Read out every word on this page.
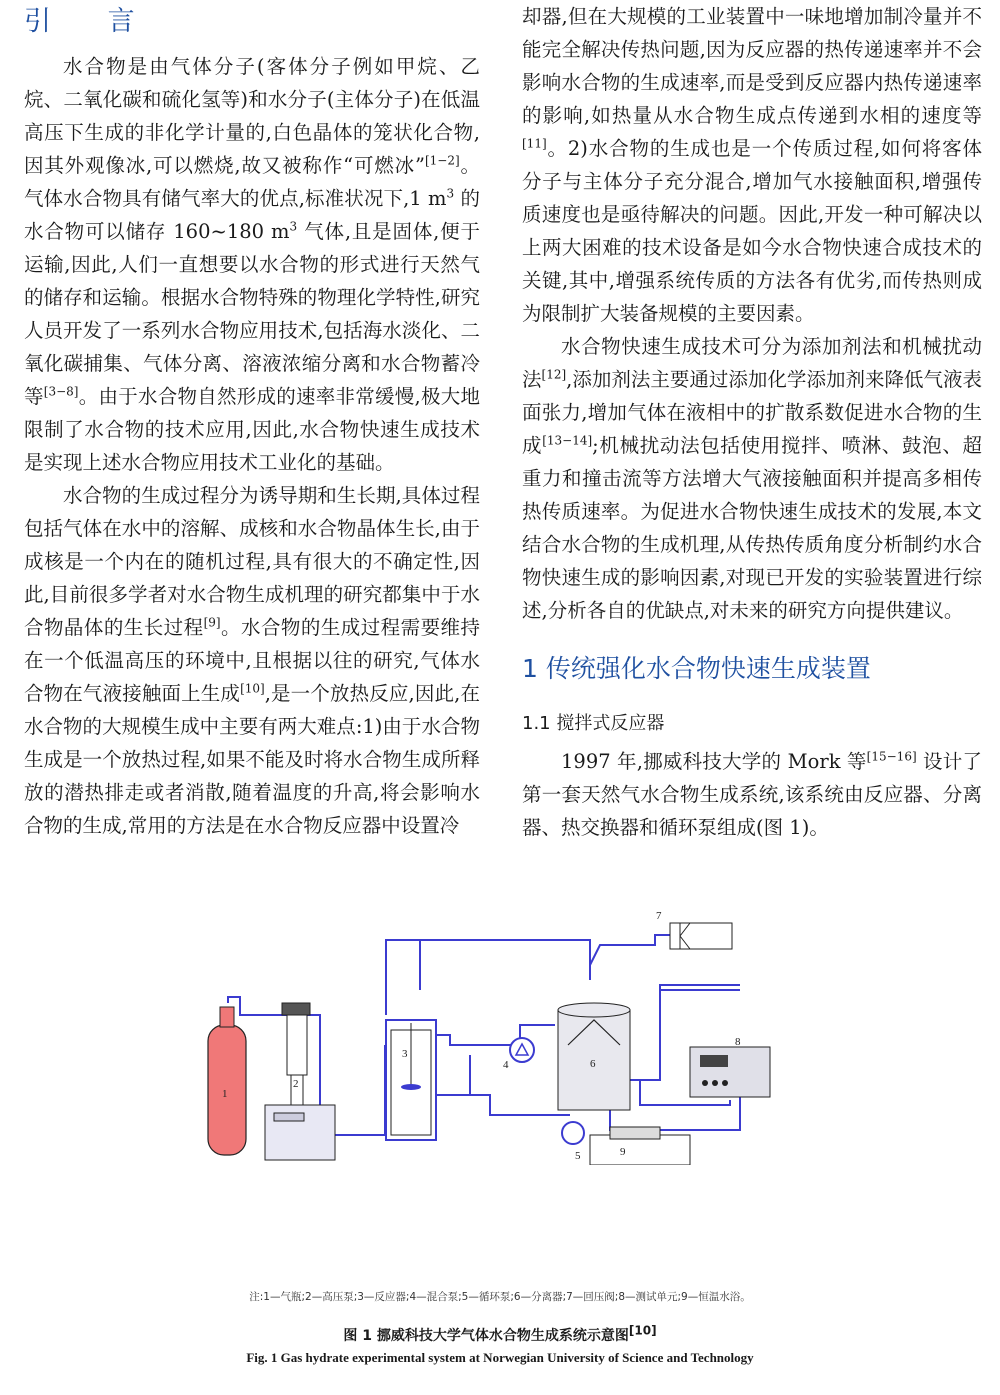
引 言

水合物是由气体分子(客体分子例如甲烷、乙烷、二氧化碳和硫化氢等)和水分子(主体分子)在低温高压下生成的非化学计量的,白色晶体的笼状化合物,因其外观像冰,可以燃烧,故又被称作“可燃冰”[1−2]。气体水合物具有储气率大的优点,标准状况下,1 $m^3$ 的水合物可以储存 160~180 $m^3$ 气体,且是固体,便于运输,因此,人们一直想要以水合物的形式进行天然气的储存和运输。根据水合物特殊的物理化学特性,研究人员开发了一系列水合物应用技术,包括海水淡化、二氧化碳捕集、气体分离、溶液浓缩分离和水合物蓄冷等[3−8]。由于水合物自然形成的速率非常缓慢,极大地限制了水合物的技术应用,因此,水合物快速生成技术是实现上述水合物应用技术工业化的基础。

水合物的生成过程分为诱导期和生长期,具体过程包括气体在水中的溶解、成核和水合物晶体生长,由于成核是一个内在的随机过程,具有很大的不确定性,因此,目前很多学者对水合物生成机理的研究都集中于水合物晶体的生长过程[9]。水合物的生成过程需要维持在一个低温高压的环境中,且根据以往的研究,气体水合物在气液接触面上生成[10],是一个放热反应,因此,在水合物的大规模生成中主要有两大难点:1)由于水合物生成是一个放热过程,如果不能及时将水合物生成所释放的潜热排走或者消散,随着温度的升高,将会影响水合物的生成,常用的方法是在水合物反应器中设置冷

却器,但在大规模的工业装置中一味地增加制冷量并不能完全解决传热问题,因为反应器的热传递速率并不会影响水合物的生成速率,而是受到反应器内热传递速率的影响,如热量从水合物生成点传递到水相的速度等[11]。2)水合物的生成也是一个传质过程,如何将客体分子与主体分子充分混合,增加气水接触面积,增强传质速度也是亟待解决的问题。因此,开发一种可解决以上两大困难的技术设备是如今水合物快速合成技术的关键,其中,增强系统传质的方法各有优劣,而传热则成为限制扩大装备规模的主要因素。

水合物快速生成技术可分为添加剂法和机械扰动法[12],添加剂法主要通过添加化学添加剂来降低气液表面张力,增加气体在液相中的扩散系数促进水合物的生成[13−14];机械扰动法包括使用搅拌、喷淋、鼓泡、超重力和撞击流等方法增大气液接触面积并提高多相传热传质速率。为促进水合物快速生成技术的发展,本文结合水合物的生成机理,从传热传质角度分析制约水合物快速生成的影响因素,对现已开发的实验装置进行综述,分析各自的优缺点,对未来的研究方向提供建议。

1 传统强化水合物快速生成装置
1.1 搅拌式反应器

1997 年,挪威科技大学的 Mork 等[15−16] 设计了第一套天然气水合物生成系统,该系统由反应器、分离器、热交换器和循环泵组成(图 1)。

1
2
3
4	6
5
7
8
9
注:1—气瓶;2—高压泵;3—反应器;4—混合泵;5—循环泵;6—分离器;7—回压阀;8—测试单元;9—恒温水浴。
图 1 挪威科技大学气体水合物生成系统示意图[10]
Fig. 1 Gas hydrate experimental system at Norwegian University of Science and Technology
